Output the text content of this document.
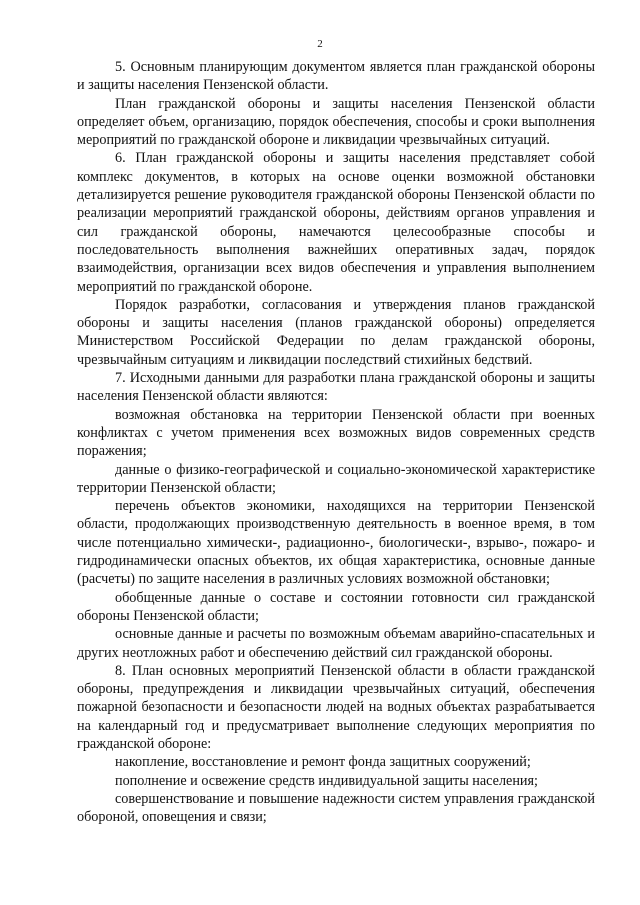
2

5. Основным планирующим документом является план гражданской обороны и защиты населения Пензенской области.

План гражданской обороны и защиты населения Пензенской области определяет объем, организацию, порядок обеспечения, способы и сроки выполнения мероприятий по гражданской обороне и ликвидации чрезвычайных ситуаций.

6. План гражданской обороны и защиты населения представляет собой комплекс документов, в которых на основе оценки возможной обстановки детализируется решение руководителя гражданской обороны Пензенской области по реализации мероприятий гражданской обороны, действиям органов управления и сил гражданской обороны, намечаются целесообразные способы и последовательность выполнения важнейших оперативных задач, порядок взаимодействия, организации всех видов обеспечения и управления выполнением мероприятий по гражданской обороне.

Порядок разработки, согласования и утверждения планов гражданской обороны и защиты населения (планов гражданской обороны) определяется Министерством Российской Федерации по делам гражданской обороны, чрезвычайным ситуациям и ликвидации последствий стихийных бедствий.

7. Исходными данными для разработки плана гражданской обороны и защиты населения Пензенской области являются:

возможная обстановка на территории Пензенской области при военных конфликтах с учетом применения всех возможных видов современных средств поражения;

данные о физико-географической и социально-экономической характеристике территории Пензенской области;

перечень объектов экономики, находящихся на территории Пензенской области, продолжающих производственную деятельность в военное время, в том числе потенциально химически-, радиационно-, биологически-, взрыво-, пожаро- и гидродинамически опасных объектов, их общая характеристика, основные данные (расчеты) по защите населения в различных условиях возможной обстановки;

обобщенные данные о составе и состоянии готовности сил гражданской обороны Пензенской области;

основные данные и расчеты по возможным объемам аварийно-спасательных и других неотложных работ и обеспечению действий сил гражданской обороны.

8. План основных мероприятий Пензенской области в области гражданской обороны, предупреждения и ликвидации чрезвычайных ситуаций, обеспечения пожарной безопасности и безопасности людей на водных объектах разрабатывается на календарный год и предусматривает выполнение следующих мероприятия по гражданской обороне:

накопление, восстановление и ремонт фонда защитных сооружений;

пополнение и освежение средств индивидуальной защиты населения;

совершенствование и повышение надежности систем управления гражданской обороной, оповещения и связи;
